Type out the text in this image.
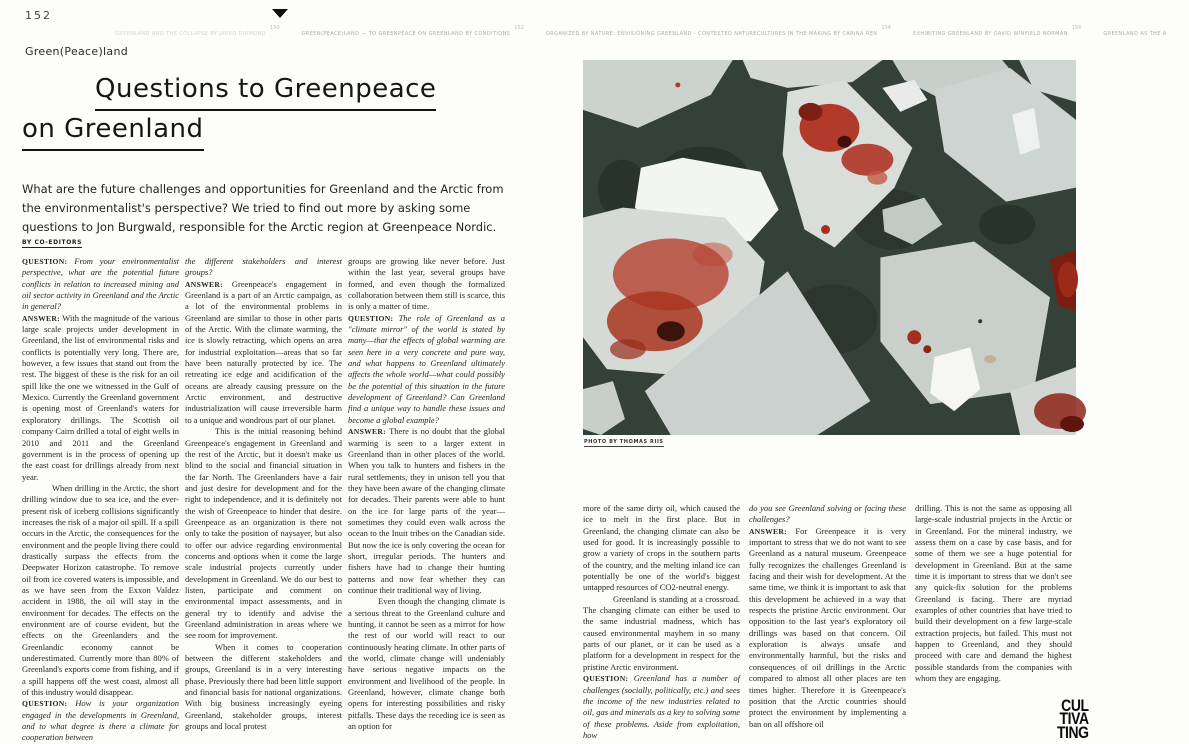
152
GREENLAND AND THE COLLAPSE BY JARED DIAMOND$^{150}$GREEN(PEACE)LAND — TO GREENPEACE ON GREENLAND BY CONDITIONS$^{152}$ORGANIZED BY NATURE: ENVISIONING GREENLAND - CONTESTED NATURECULTURES IN THE MAKING BY CARINA REN$^{154}$EXHIBITING GREENLAND BY DAVID WINFIELD NORMAN$^{156}$GREENLAND AS THE A
Green(Peace)land
Questions to Greenpeace
on Greenland
What are the future challenges and opportunities for Greenland and the Arctic from the environmentalist's perspective? We tried to find out more by asking some questions to Jon Burgwald, responsible for the Arctic region at Greenpeace Nordic.
BY CO-EDITORS

QUESTION: From your environmentalist perspective, what are the potential future conflicts in relation to increased mining and oil sector activity in Greenland and the Arctic in general?

ANSWER: With the magnitude of the various large scale projects under development in Greenland, the list of environmental risks and conflicts is potentially very long. There are, however, a few issues that stand out from the rest. The biggest of these is the risk for an oil spill like the one we witnessed in the Gulf of Mexico. Currently the Greenland government is opening most of Greenland's waters for exploratory drillings. The Scottish oil company Cairn drilled a total of eight wells in 2010 and 2011 and the Greenland government is in the process of opening up the east coast for drillings already from next year.

When drilling in the Arctic, the short drilling window due to sea ice, and the ever-present risk of iceberg collisions significantly increases the risk of a major oil spill. If a spill occurs in the Arctic, the consequences for the environment and the people living there could drastically surpass the effects from the Deepwater Horizon catastrophe. To remove oil from ice covered waters is impossible, and as we have seen from the Exxon Valdez accident in 1988, the oil will stay in the environment for decades. The effects on the environment are of course evident, but the effects on the Greenlanders and the Greenlandic economy cannot be underestimated. Currently more than 80% of Greenland's exports come from fishing, and if a spill happens off the west coast, almost all of this industry would disappear.

QUESTION: How is your organization engaged in the developments in Greenland, and to what degree is there a climate for cooperation between

the different stakeholders and interest groups?

ANSWER: Greenpeace's engagement in Greenland is a part of an Arctic campaign, as a lot of the environmental problems in Greenland are similar to those in other parts of the Arctic. With the climate warming, the ice is slowly retracting, which opens an area for industrial exploitation—areas that so far have been naturally protected by ice. The retreating ice edge and acidification of the oceans are already causing pressure on the Arctic environment, and destructive industrialization will cause irreversible harm to a unique and wondrous part of our planet.

This is the initial reasoning behind Greenpeace's engagement in Greenland and the rest of the Arctic, but it doesn't make us blind to the social and financial situation in the far North. The Greenlanders have a fair and just desire for development and for the right to independence, and it is definitely not the wish of Greenpeace to hinder that desire. Greenpeace as an organization is there not only to take the position of naysayer, but also to offer our advice regarding environmental concerns and options when it come the large scale industrial projects currently under development in Greenland. We do our best to listen, participate and comment on environmental impact assessments, and in general try to identify and advise the Greenland administration in areas where we see room for improvement.

When it comes to cooperation between the different stakeholders and groups, Greenland is in a very interesting phase. Previously there had been little support and financial basis for national organizations. With big business increasingly eyeing Greenland, stakeholder groups, interest groups and local protest

groups are growing like never before. Just within the last year, several groups have formed, and even though the formalized collaboration between them still is scarce, this is only a matter of time.

QUESTION: The role of Greenland as a "climate mirror" of the world is stated by many—that the effects of global warming are seen here in a very concrete and pure way, and what happens to Greenland ultimately affects the whole world—what could possibly be the potential of this situation in the future development of Greenland? Can Greenland find a unique way to handle these issues and become a global example?

ANSWER: There is no doubt that the global warming is seen to a larger extent in Greenland than in other places of the world. When you talk to hunters and fishers in the rural settlements, they in unison tell you that they have been aware of the changing climate for decades. Their parents were able to hunt on the ice for large parts of the year—sometimes they could even walk across the ocean to the Inuit tribes on the Canadian side. But now the ice is only covering the ocean for short, irregular periods. The hunters and fishers have had to change their hunting patterns and now fear whether they can continue their traditional way of living.

Even though the changing climate is a serious threat to the Greenland culture and hunting, it cannot be seen as a mirror for how the rest of our world will react to our continuously heating climate. In other parts of the world, climate change will undeniably have serious negative impacts on the environment and livelihood of the people. In Greenland, however, climate change both opens for interesting possibilities and risky pitfalls. These days the receding ice is seen as an option for

PHOTO BY THOMAS RIIS

more of the same dirty oil, which caused the ice to melt in the first place. But in Greenland, the changing climate can also be used for good. It is increasingly possible to grow a variety of crops in the southern parts of the country, and the melting inland ice can potentially be one of the world's biggest untapped resources of CO2-neutral energy.

Greenland is standing at a crossroad. The changing climate can either be used to the same industrial madness, which has caused environmental mayhem in so many parts of our planet, or it can be used as a platform for a development in respect for the pristine Arctic environment.

QUESTION: Greenland has a number of challenges (socially, politically, etc.) and sees the income of the new industries related to oil, gas and minerals as a key to solving some of these problems. Aside from exploitation, how

do you see Greenland solving or facing these challenges?

ANSWER: For Greenpeace it is very important to stress that we do not want to see Greenland as a natural museum. Greenpeace fully recognizes the challenges Greenland is facing and their wish for development. At the same time, we think it is important to ask that this development be achieved in a way that respects the pristine Arctic environment. Our opposition to the last year's exploratory oil drillings was based on that concern. Oil exploration is always unsafe and environmentally harmful, but the risks and consequences of oil drillings in the Arctic compared to almost all other places are ten times higher. Therefore it is Greenpeace's position that the Arctic countries should protect the environment by implementing a ban on all offshore oil

drilling. This is not the same as opposing all large-scale industrial projects in the Arctic or in Greenland. For the mineral industry, we assess them on a case by case basis, and for some of them we see a huge potential for development in Greenland. But at the same time it is important to stress that we don't see any quick-fix solution for the problems Greenland is facing. There are myriad examples of other countries that have tried to build their development on a few large-scale extraction projects, but failed. This must not happen to Greenland, and they should proceed with care and demand the highest possible standards from the companies with whom they are engaging.

CUL
TIVA
TING
